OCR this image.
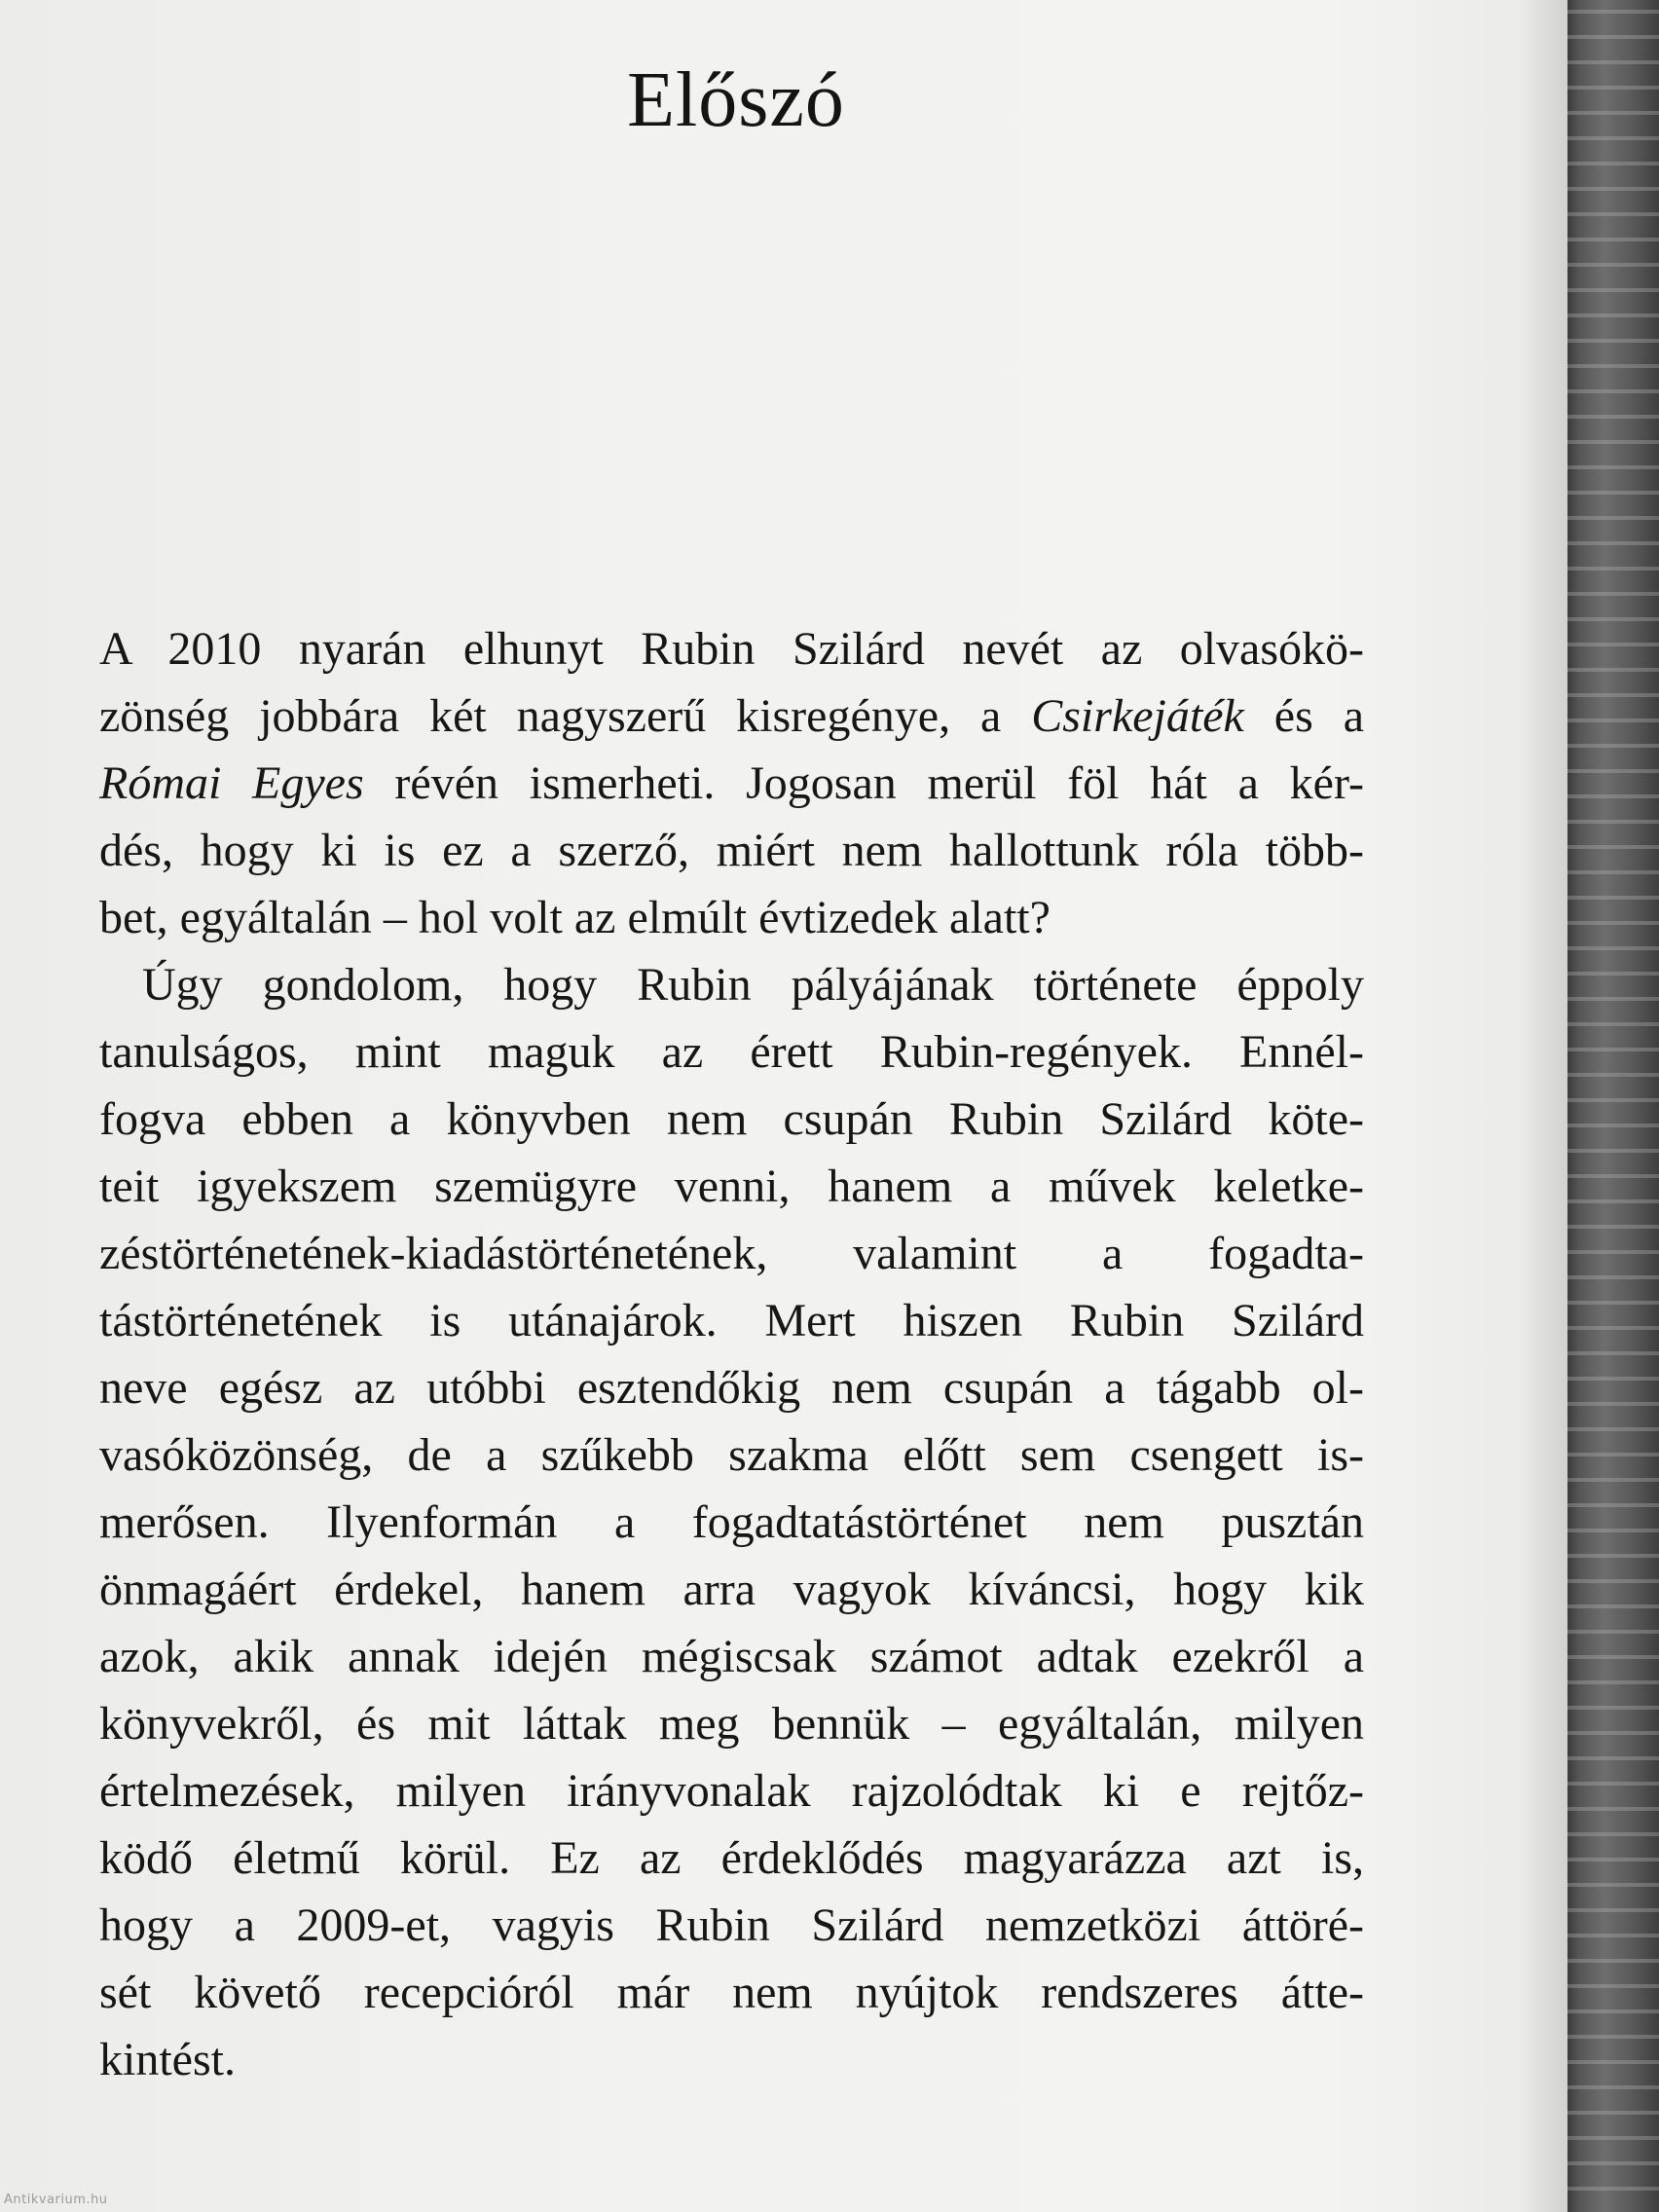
Előszó
A 2010 nyarán elhunyt Rubin Szilárd nevét az olvasókö-
zönség jobbára két nagyszerű kisregénye, a Csirkejáték és a
Római Egyes révén ismerheti. Jogosan merül föl hát a kér-
dés, hogy ki is ez a szerző, miért nem hallottunk róla több-
bet, egyáltalán – hol volt az elmúlt évtizedek alatt?
Úgy gondolom, hogy Rubin pályájának története éppoly
tanulságos, mint maguk az érett Rubin-regények. Ennél-
fogva ebben a könyvben nem csupán Rubin Szilárd köte-
teit igyekszem szemügyre venni, hanem a művek keletke-
zéstörténetének-kiadástörténetének, valamint a fogadta-
tástörténetének is utánajárok. Mert hiszen Rubin Szilárd
neve egész az utóbbi esztendőkig nem csupán a tágabb ol-
vasóközönség, de a szűkebb szakma előtt sem csengett is-
merősen. Ilyenformán a fogadtatástörténet nem pusztán
önmagáért érdekel, hanem arra vagyok kíváncsi, hogy kik
azok, akik annak idején mégiscsak számot adtak ezekről a
könyvekről, és mit láttak meg bennük – egyáltalán, milyen
értelmezések, milyen irányvonalak rajzolódtak ki e rejtőz-
ködő életmű körül. Ez az érdeklődés magyarázza azt is,
hogy a 2009-et, vagyis Rubin Szilárd nemzetközi áttöré-
sét követő recepcióról már nem nyújtok rendszeres átte-
kintést.
Antikvarium.hu
